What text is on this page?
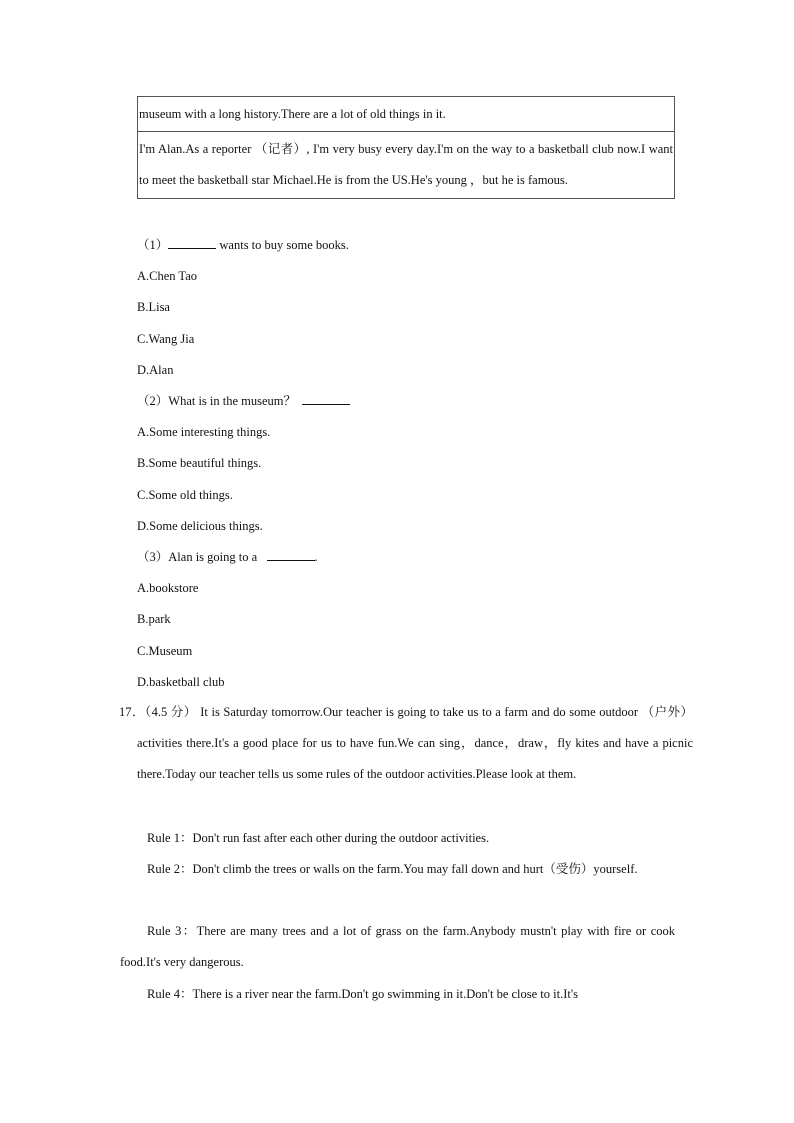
museum with a long history.There are a lot of old things in it.
I'm Alan.As a reporter （记者）, I'm very busy every day.I'm on the way to a basketball club now.I want to meet the basketball star Michael.He is from the US.He's young ，but he is famous.
（1）	wants to buy some books.
A.Chen Tao
B.Lisa
C.Wang Jia
D.Alan
（2）What is in the museum？
A.Some interesting things.
B.Some beautiful things.
C.Some old things.
D.Some delicious things.
（3）Alan is going to a	.
A.bookstore
B.park
C.Museum
D.basketball club
17．（4.5 分） It is Saturday tomorrow.Our teacher is going to take us to a farm and do some outdoor （户外）activities there.It's a good place for us to have fun.We can sing，dance，draw，fly kites and have a picnic there.Today our teacher tells us some rules of the outdoor activities.Please look at them.
Rule 1：Don't run fast after each other during the outdoor activities.
Rule 2：Don't climb the trees or walls on the farm.You may fall down and hurt（受伤）yourself.
Rule 3：There are many trees and a lot of grass on the farm.Anybody mustn't play with fire or cook food.It's very dangerous.
Rule 4：There is a river near the farm.Don't go swimming in it.Don't be close to it.It's
